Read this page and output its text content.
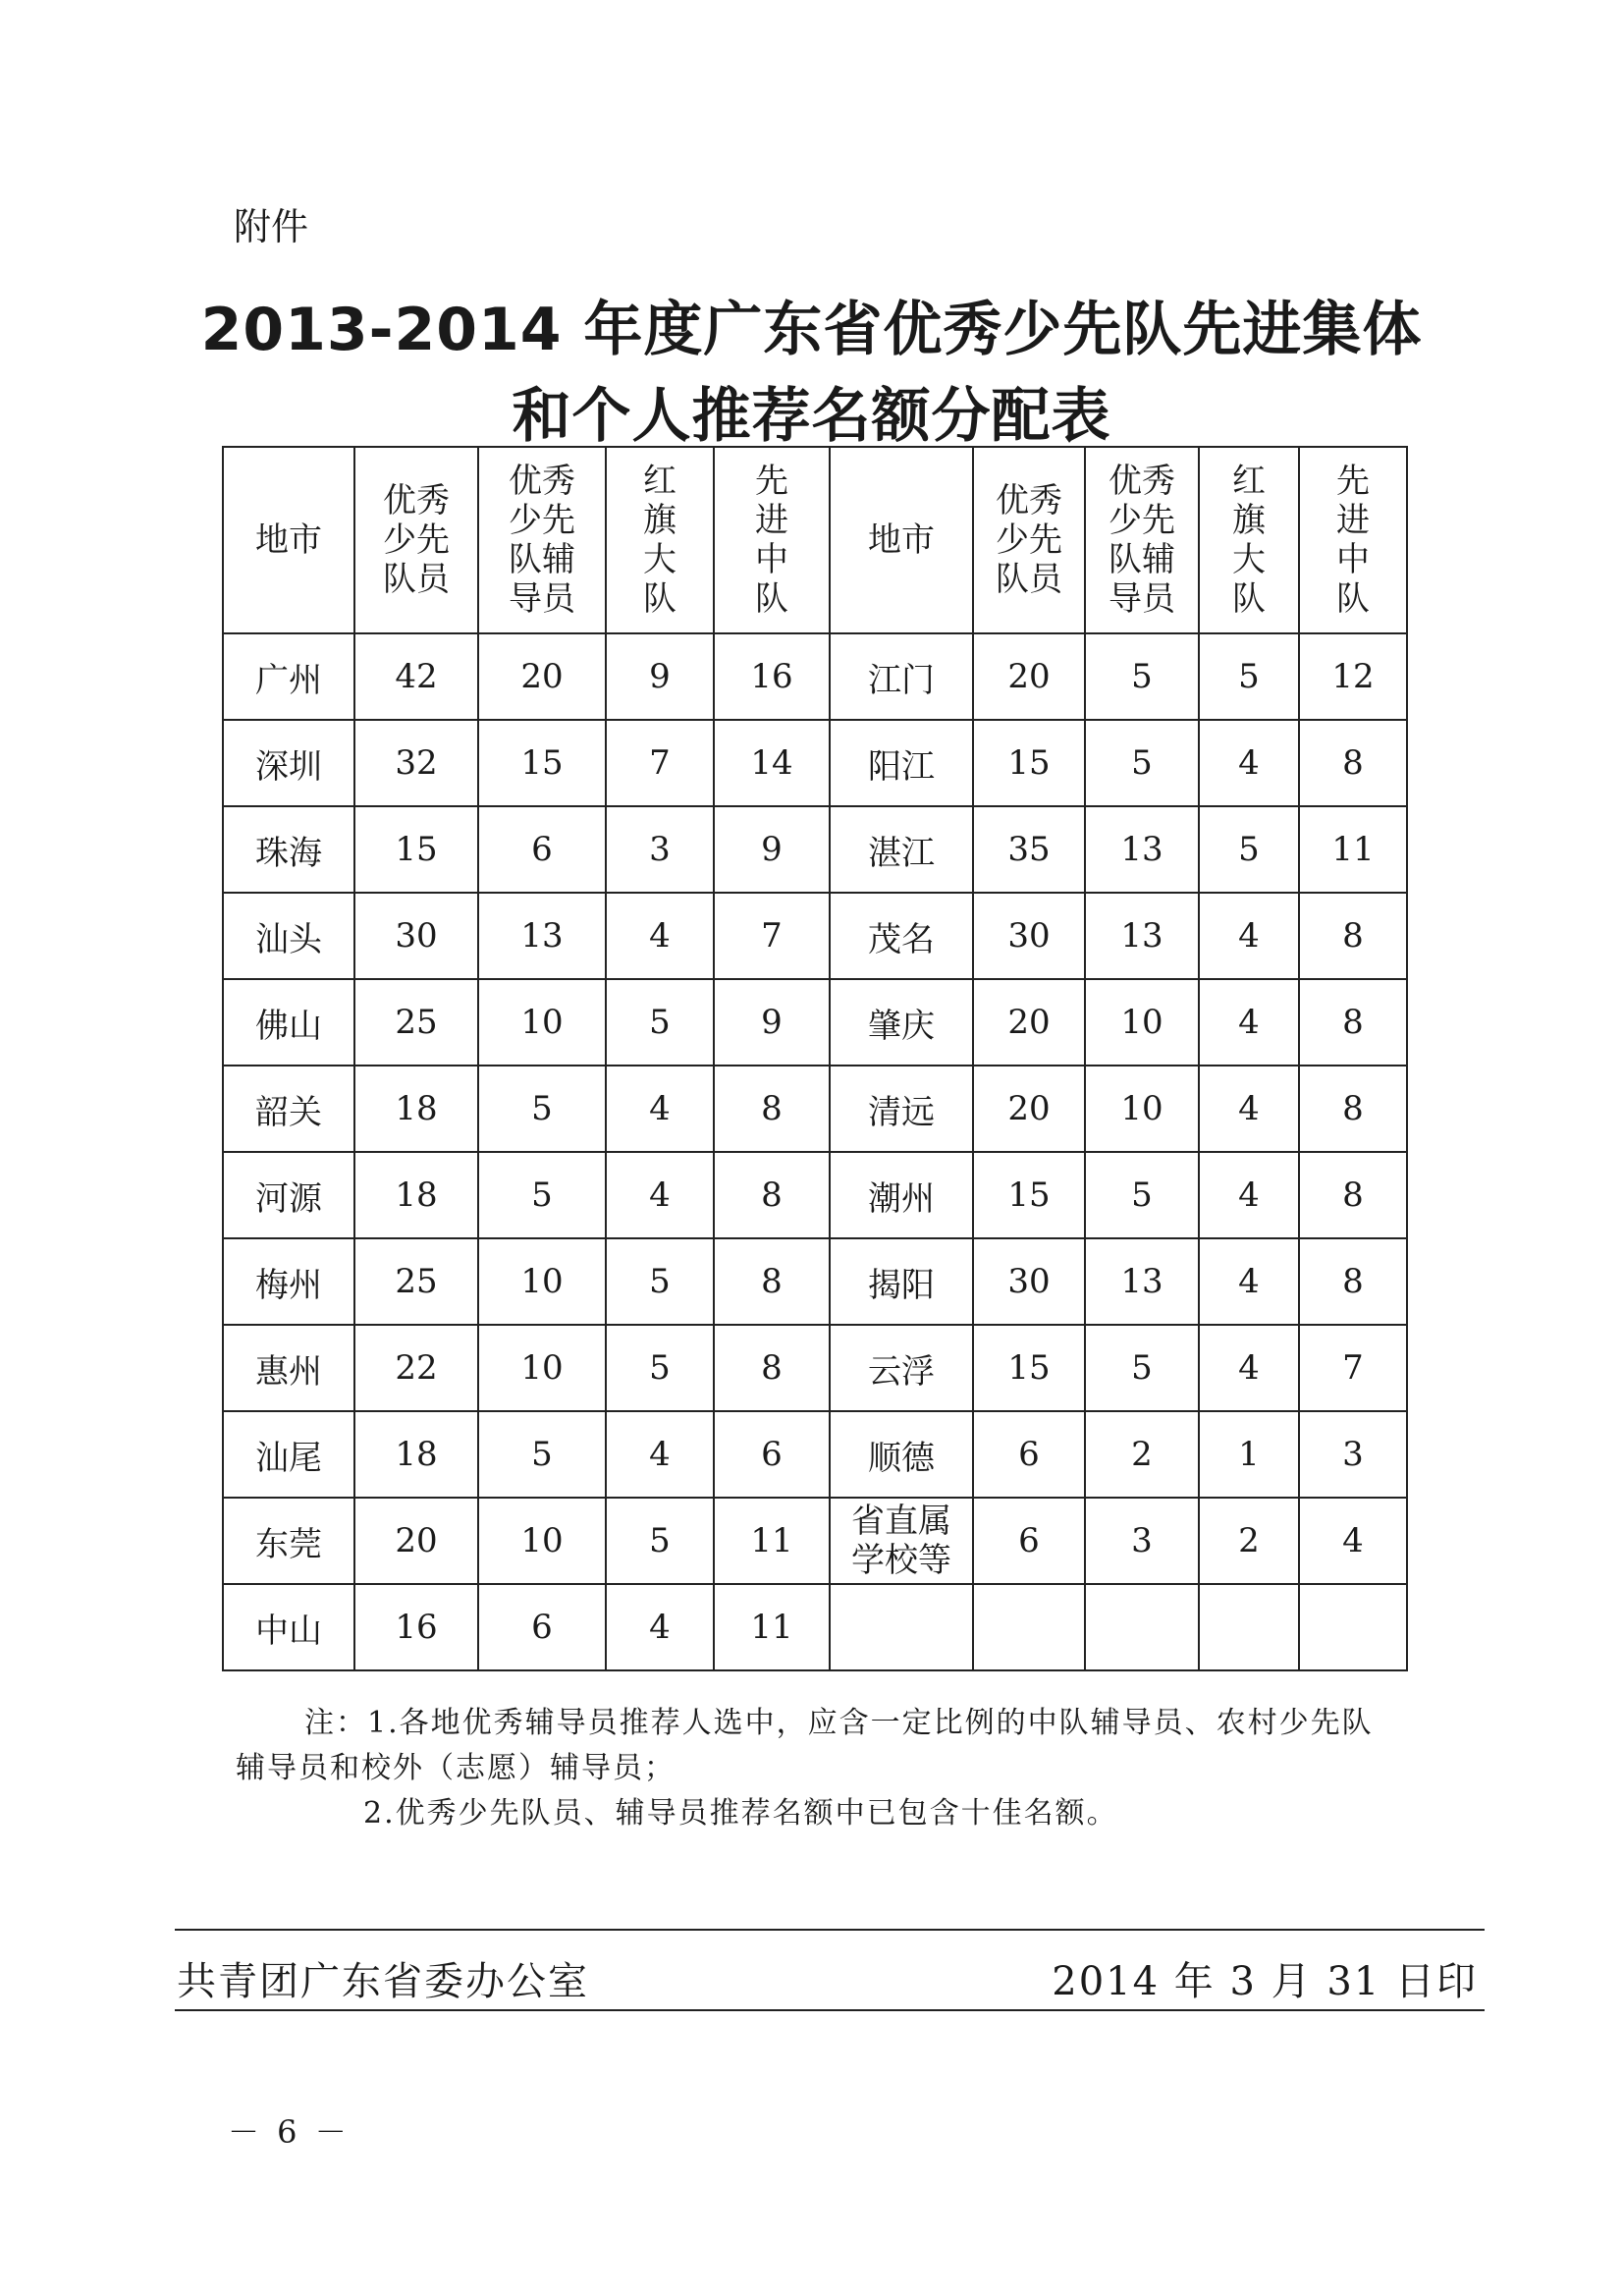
附件
2013-2014 年度广东省优秀少先队先进集体
和个人推荐名额分配表
地市	优秀少先队员	优秀少先队辅导员	红旗大队	先进中队	地市	优秀少先队员	优秀少先队辅导员	红旗大队	先进中队
广州	42	20	9	16	江门	20	5	5	12
深圳	32	15	7	14	阳江	15	5	4	8
珠海	15	6	3	9	湛江	35	13	5	11
汕头	30	13	4	7	茂名	30	13	4	8
佛山	25	10	5	9	肇庆	20	10	4	8
韶关	18	5	4	8	清远	20	10	4	8
河源	18	5	4	8	潮州	15	5	4	8
梅州	25	10	5	8	揭阳	30	13	4	8
惠州	22	10	5	8	云浮	15	5	4	7
汕尾	18	5	4	6	顺德	6	2	1	3
东莞	20	10	5	11	省直属学校等	6	3	2	4
中山	16	6	4	11					

注：1.各地优秀辅导员推荐人选中，应含一定比例的中队辅导员、农村少先队辅导员和校外（志愿）辅导员；

2.优秀少先队员、辅导员推荐名额中已包含十佳名额。

共青团广东省委办公室	2014 年 3 月 31 日印
－ 6 －
